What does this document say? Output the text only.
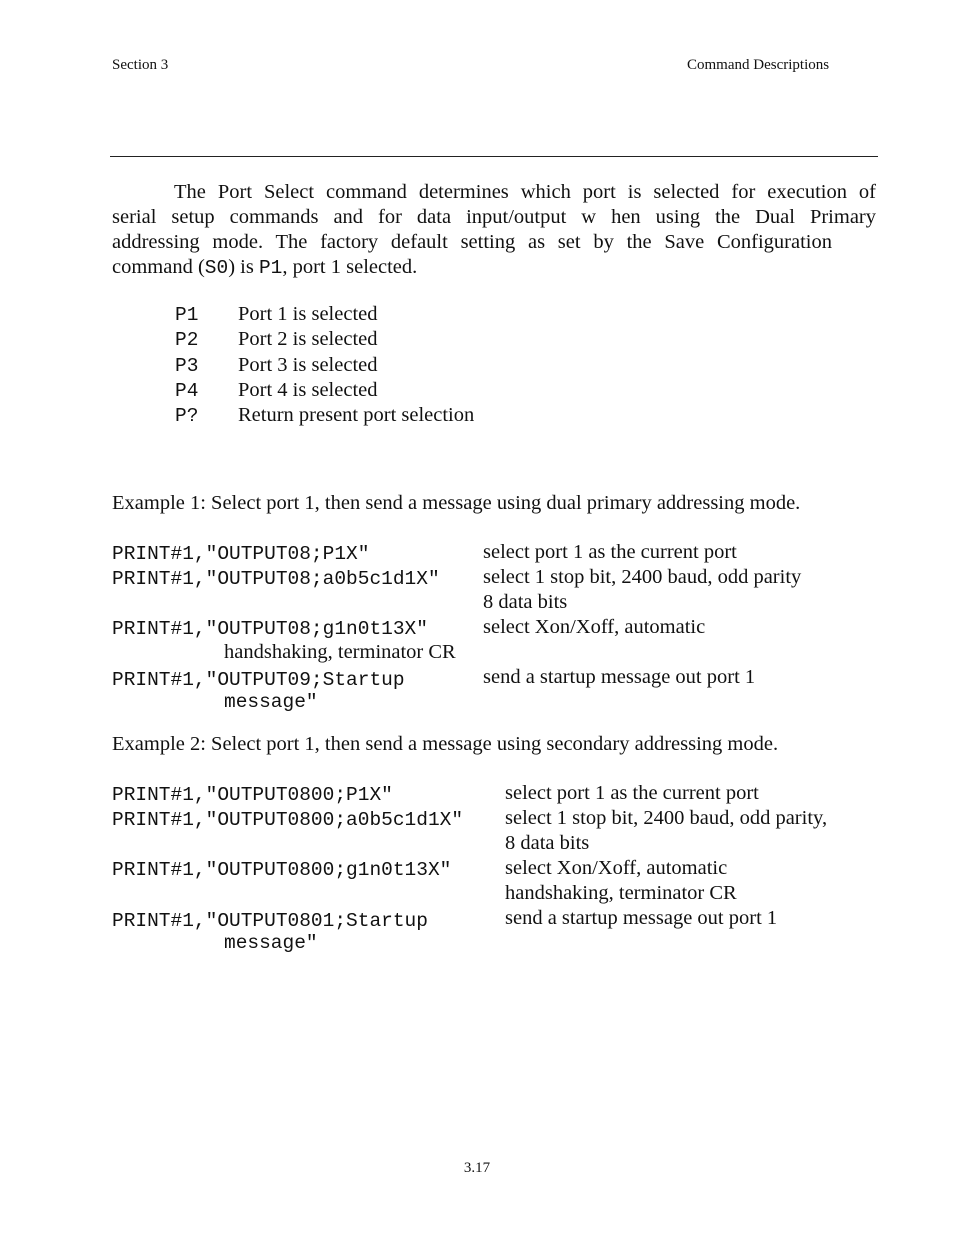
Section 3	Command Descriptions
The Port Select command determines which port is selected for execution of
serial setup commands and for data input/output w hen using the Dual Primary
addressing mode. The factory default setting as set by the Save Configuration
command (S0) is P1, port 1 selected.
P1 Port 1 is selected
P2 Port 2 is selected
P3 Port 3 is selected
P4 Port 4 is selected
P? Return present port selection
Example 1: Select port 1, then send a message using dual primary addressing mode.
PRINT#1,"OUTPUT08;P1X"	select port 1 as the current port
PRINT#1,"OUTPUT08;a0b5c1d1X" select 1 stop bit, 2400 baud, odd parity
8 data bits
PRINT#1,"OUTPUT08;g1n0t13X"	select Xon/Xoff, automatic
handshaking, terminator CR
PRINT#1,"OUTPUT09;Startup
message"
send a startup message out port 1
Example 2: Select port 1, then send a message using secondary addressing mode.
PRINT#1,"OUTPUT0800;P1X"	select port 1 as the current port
PRINT#1,"OUTPUT0800;a0b5c1d1X" select 1 stop bit, 2400 baud, odd parity,
8 data bits
PRINT#1,"OUTPUT0800;g1n0t13X"	select Xon/Xoff, automatic
handshaking, terminator CR
PRINT#1,"OUTPUT0801;Startup
message"
send a startup message out port 1
3.17
